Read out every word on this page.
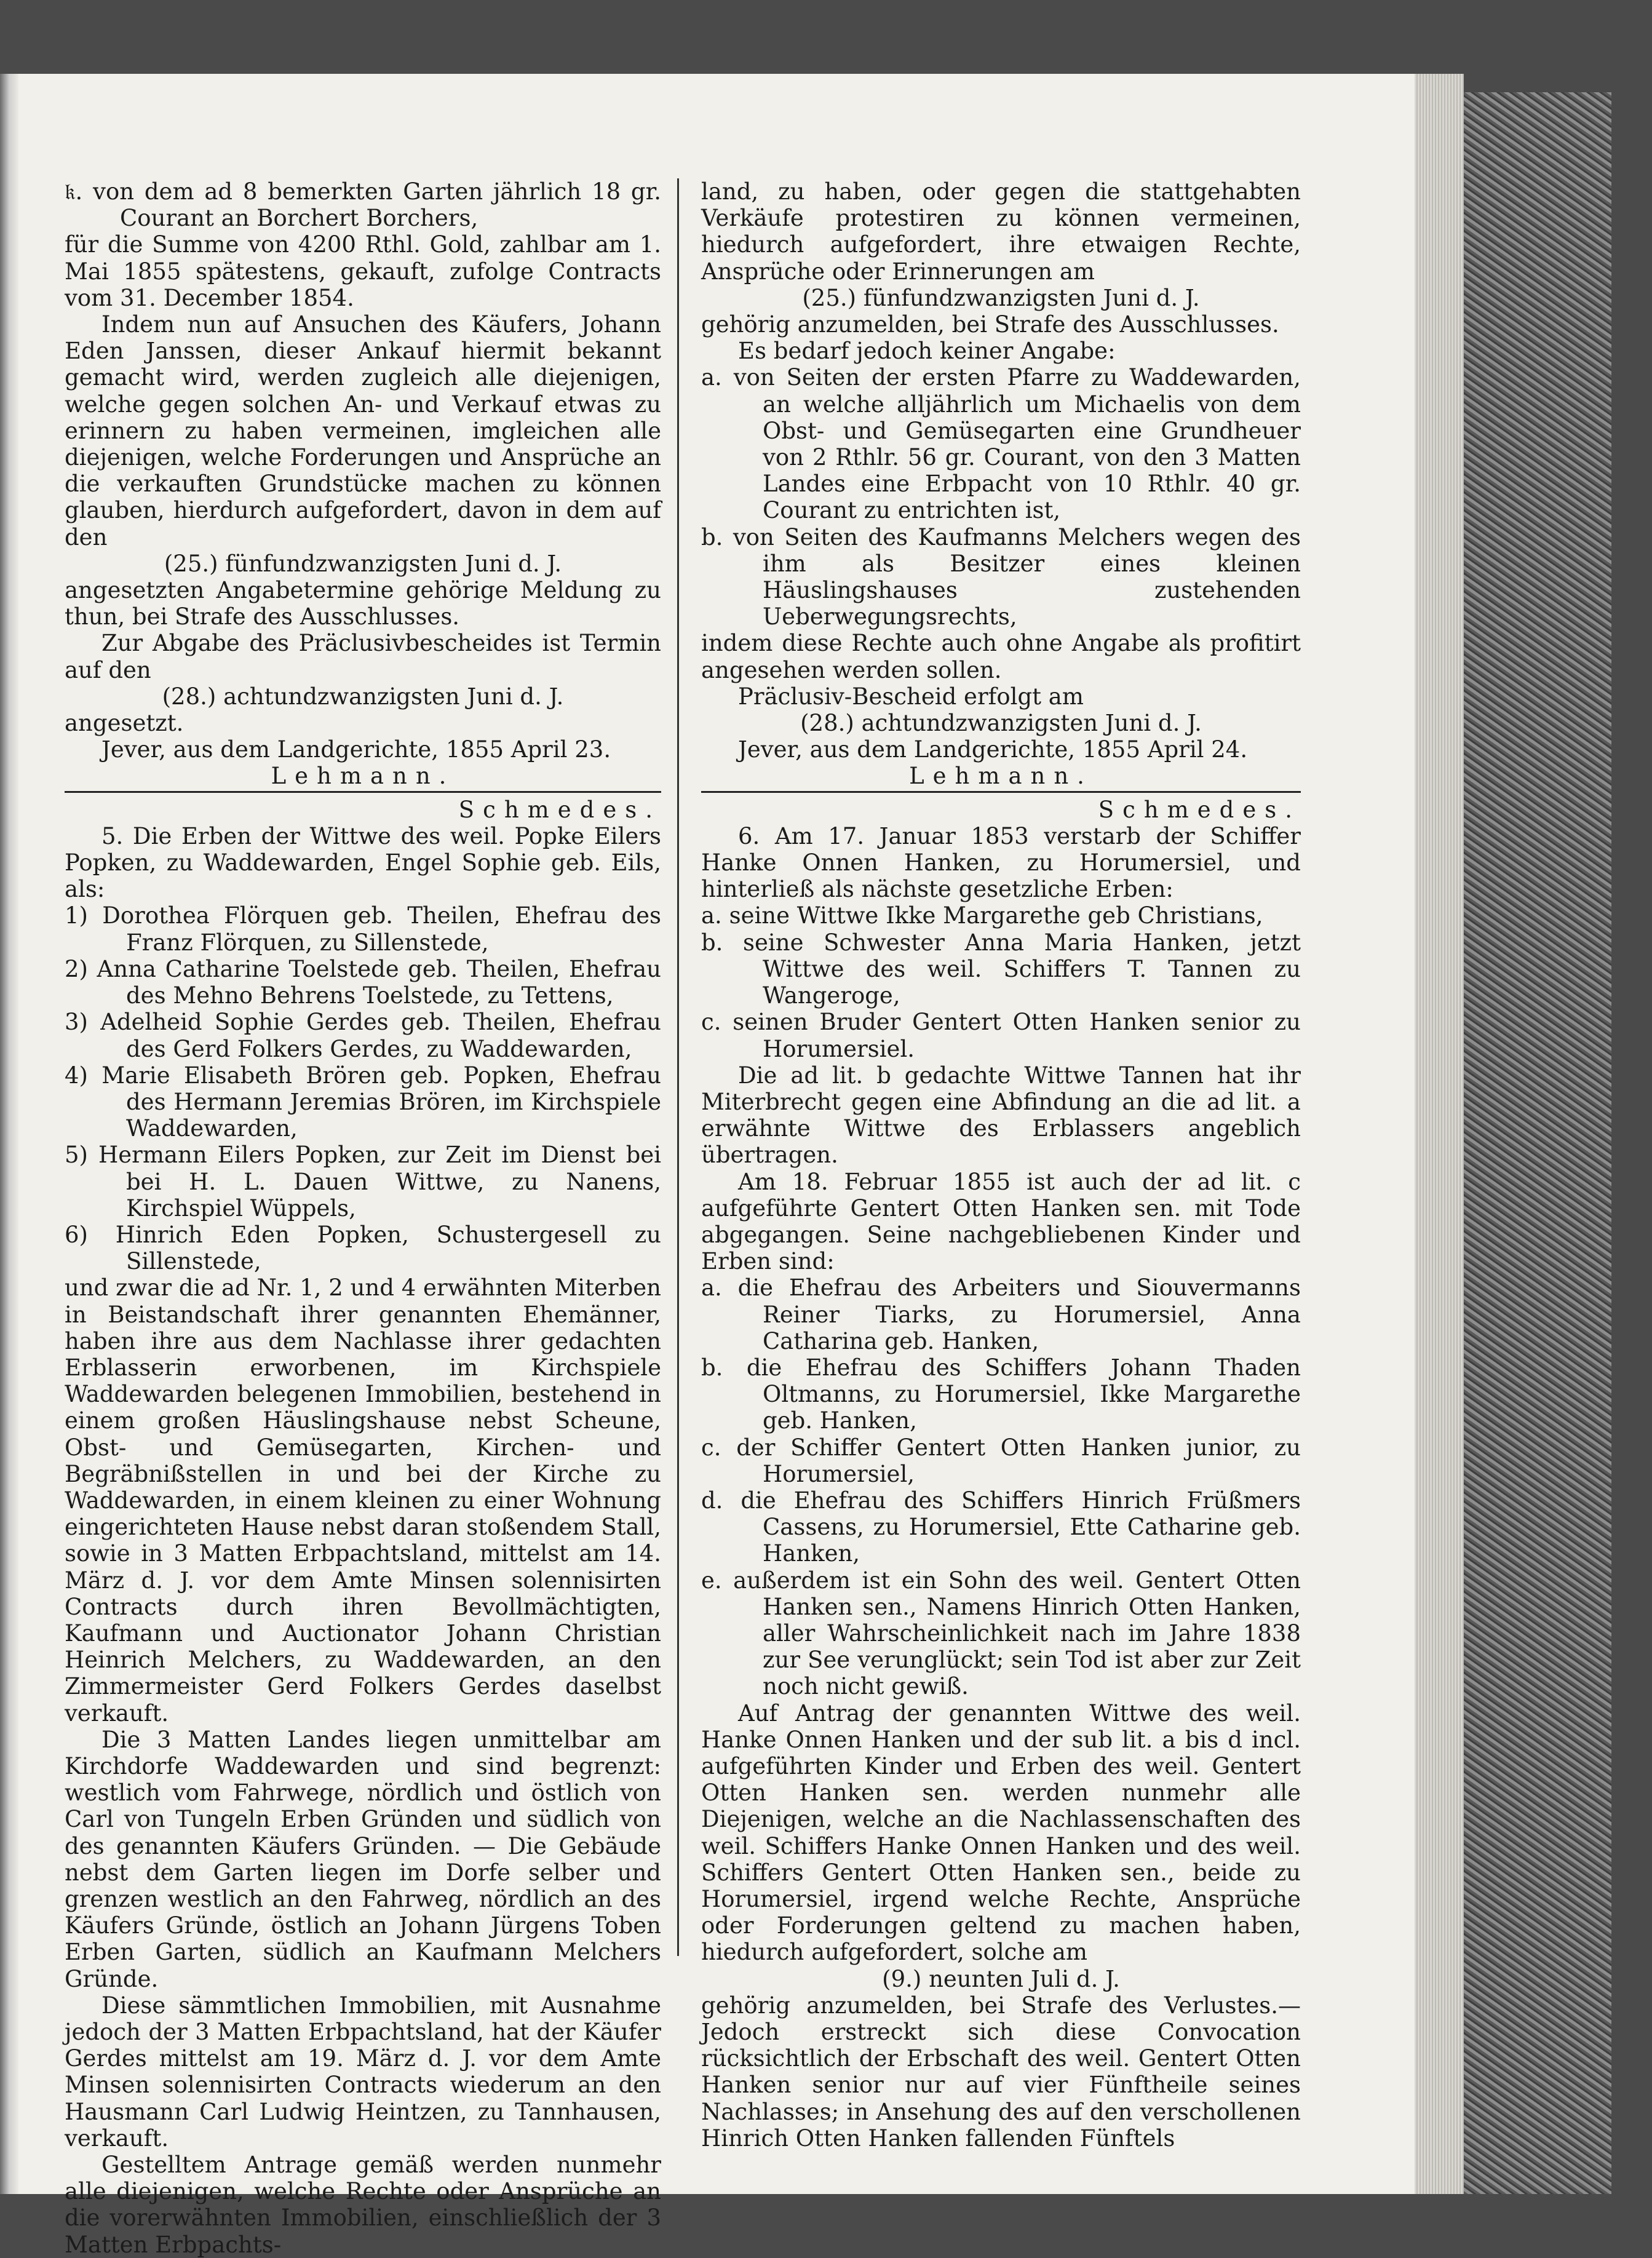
𝔨. von dem ad 8 bemerkten Garten jährlich 18 gr. Courant an Borchert Borchers,

für die Summe von 4200 Rthl. Gold, zahlbar am 1. Mai 1855 spätestens, gekauft, zufolge Contracts vom 31. December 1854.

Indem nun auf Ansuchen des Käufers, Johann Eden Janssen, dieser Ankauf hiermit bekannt gemacht wird, werden zugleich alle diejenigen, welche gegen solchen An- und Verkauf etwas zu erinnern zu haben vermeinen, imgleichen alle diejenigen, welche Forderungen und Ansprüche an die verkauften Grundstücke machen zu können glauben, hierdurch aufgefordert, davon in dem auf den

(25.) fünfundzwanzigsten Juni d. J.

angesetzten Angabetermine gehörige Meldung zu thun, bei Strafe des Ausschlusses.

Zur Abgabe des Präclusivbescheides ist Termin auf den

(28.) achtundzwanzigsten Juni d. J.

angesetzt.

Jever, aus dem Landgerichte, 1855 April 23.

Lehmann.

Schmedes.

5. Die Erben der Wittwe des weil. Popke Eilers Popken, zu Waddewarden, Engel Sophie geb. Eils, als:

1) Dorothea Flörquen geb. Theilen, Ehefrau des Franz Flörquen, zu Sillenstede,

2) Anna Catharine Toelstede geb. Theilen, Ehefrau des Mehno Behrens Toelstede, zu Tettens,

3) Adelheid Sophie Gerdes geb. Theilen, Ehefrau des Gerd Folkers Gerdes, zu Waddewarden,

4) Marie Elisabeth Brören geb. Popken, Ehefrau des Hermann Jeremias Brören, im Kirchspiele Waddewarden,

5) Hermann Eilers Popken, zur Zeit im Dienst bei bei H. L. Dauen Wittwe, zu Nanens, Kirchspiel Wüppels,

6) Hinrich Eden Popken, Schustergesell zu Sillenstede,

und zwar die ad Nr. 1, 2 und 4 erwähnten Miterben in Beistandschaft ihrer genannten Ehemänner, haben ihre aus dem Nachlasse ihrer gedachten Erblasserin erworbenen, im Kirchspiele Waddewarden belegenen Immobilien, bestehend in einem großen Häuslingshause nebst Scheune, Obst- und Gemüsegarten, Kirchen- und Begräbnißstellen in und bei der Kirche zu Waddewarden, in einem kleinen zu einer Wohnung eingerichteten Hause nebst daran stoßendem Stall, sowie in 3 Matten Erbpachtsland, mittelst am 14. März d. J. vor dem Amte Minsen solennisirten Contracts durch ihren Bevollmächtigten, Kaufmann und Auctionator Johann Christian Heinrich Melchers, zu Waddewarden, an den Zimmermeister Gerd Folkers Gerdes daselbst verkauft.

Die 3 Matten Landes liegen unmittelbar am Kirchdorfe Waddewarden und sind begrenzt: westlich vom Fahrwege, nördlich und östlich von Carl von Tungeln Erben Gründen und südlich von des genannten Käufers Gründen. — Die Gebäude nebst dem Garten liegen im Dorfe selber und grenzen westlich an den Fahrweg, nördlich an des Käufers Gründe, östlich an Johann Jürgens Toben Erben Garten, südlich an Kaufmann Melchers Gründe.

Diese sämmtlichen Immobilien, mit Ausnahme jedoch der 3 Matten Erbpachtsland, hat der Käufer Gerdes mittelst am 19. März d. J. vor dem Amte Minsen solennisirten Contracts wiederum an den Hausmann Carl Ludwig Heintzen, zu Tannhausen, verkauft.

Gestelltem Antrage gemäß werden nunmehr alle diejenigen, welche Rechte oder Ansprüche an die vorerwähnten Immobilien, einschließlich der 3 Matten Erbpachts-

land, zu haben, oder gegen die stattgehabten Verkäufe protestiren zu können vermeinen, hiedurch aufgefordert, ihre etwaigen Rechte, Ansprüche oder Erinnerungen am

(25.) fünfundzwanzigsten Juni d. J.

gehörig anzumelden, bei Strafe des Ausschlusses.

Es bedarf jedoch keiner Angabe:

a. von Seiten der ersten Pfarre zu Waddewarden, an welche alljährlich um Michaelis von dem Obst- und Gemüsegarten eine Grundheuer von 2 Rthlr. 56 gr. Courant, von den 3 Matten Landes eine Erbpacht von 10 Rthlr. 40 gr. Courant zu entrichten ist,

b. von Seiten des Kaufmanns Melchers wegen des ihm als Besitzer eines kleinen Häuslingshauses zustehenden Ueberwegungsrechts,

indem diese Rechte auch ohne Angabe als profitirt angesehen werden sollen.

Präclusiv-Bescheid erfolgt am

(28.) achtundzwanzigsten Juni d. J.

Jever, aus dem Landgerichte, 1855 April 24.

Lehmann.

Schmedes.

6. Am 17. Januar 1853 verstarb der Schiffer Hanke Onnen Hanken, zu Horumersiel, und hinterließ als nächste gesetzliche Erben:

a. seine Wittwe Ikke Margarethe geb Christians,

b. seine Schwester Anna Maria Hanken, jetzt Wittwe des weil. Schiffers T. Tannen zu Wangeroge,

c. seinen Bruder Gentert Otten Hanken senior zu Horumersiel.

Die ad lit. b gedachte Wittwe Tannen hat ihr Miterbrecht gegen eine Abfindung an die ad lit. a erwähnte Wittwe des Erblassers angeblich übertragen.

Am 18. Februar 1855 ist auch der ad lit. c aufgeführte Gentert Otten Hanken sen. mit Tode abgegangen. Seine nachgebliebenen Kinder und Erben sind:

a. die Ehefrau des Arbeiters und Siouvermanns Reiner Tiarks, zu Horumersiel, Anna Catharina geb. Hanken,

b. die Ehefrau des Schiffers Johann Thaden Oltmanns, zu Horumersiel, Ikke Margarethe geb. Hanken,

c. der Schiffer Gentert Otten Hanken junior, zu Horumersiel,

d. die Ehefrau des Schiffers Hinrich Früßmers Cassens, zu Horumersiel, Ette Catharine geb. Hanken,

e. außerdem ist ein Sohn des weil. Gentert Otten Hanken sen., Namens Hinrich Otten Hanken, aller Wahrscheinlichkeit nach im Jahre 1838 zur See verunglückt; sein Tod ist aber zur Zeit noch nicht gewiß.

Auf Antrag der genannten Wittwe des weil. Hanke Onnen Hanken und der sub lit. a bis d incl. aufgeführten Kinder und Erben des weil. Gentert Otten Hanken sen. werden nunmehr alle Diejenigen, welche an die Nachlassenschaften des weil. Schiffers Hanke Onnen Hanken und des weil. Schiffers Gentert Otten Hanken sen., beide zu Horumersiel, irgend welche Rechte, Ansprüche oder Forderungen geltend zu machen haben, hiedurch aufgefordert, solche am

(9.) neunten Juli d. J.

gehörig anzumelden, bei Strafe des Verlustes.— Jedoch erstreckt sich diese Convocation rücksichtlich der Erbschaft des weil. Gentert Otten Hanken senior nur auf vier Fünftheile seines Nachlasses; in Ansehung des auf den verschollenen Hinrich Otten Hanken fallenden Fünftels
